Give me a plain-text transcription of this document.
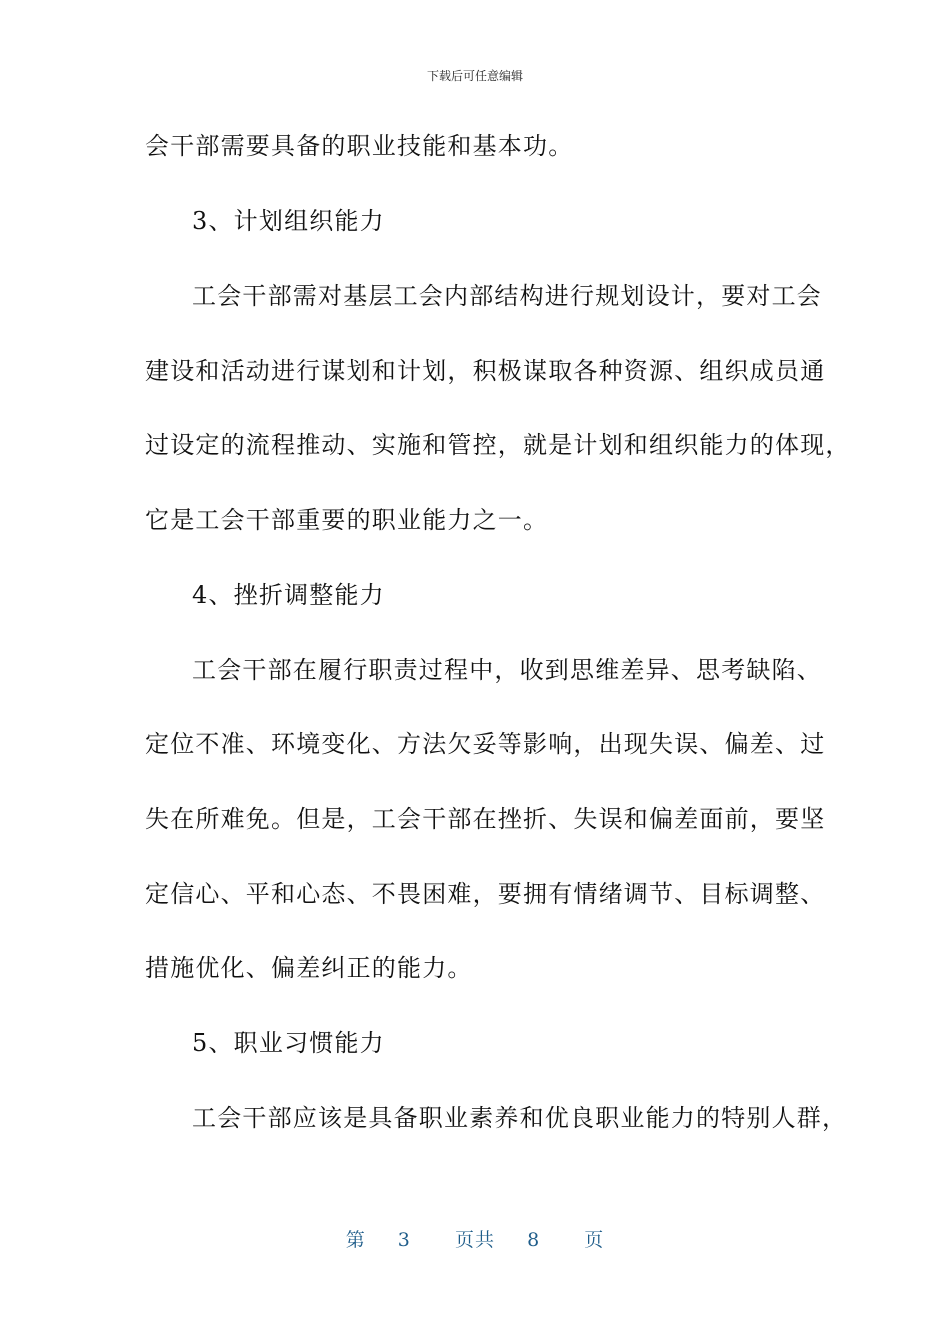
下载后可任意编辑
会干部需要具备的职业技能和基本功。
3、计划组织能力
工会干部需对基层工会内部结构进行规划设计，要对工会
建设和活动进行谋划和计划，积极谋取各种资源、组织成员通
过设定的流程推动、实施和管控，就是计划和组织能力的体现，
它是工会干部重要的职业能力之一。
4、挫折调整能力
工会干部在履行职责过程中，收到思维差异、思考缺陷、
定位不准、环境变化、方法欠妥等影响，出现失误、偏差、过
失在所难免。但是，工会干部在挫折、失误和偏差面前，要坚
定信心、平和心态、不畏困难，要拥有情绪调节、目标调整、
措施优化、偏差纠正的能力。
5、职业习惯能力
工会干部应该是具备职业素养和优良职业能力的特别人群，
第 3 页共 8 页
